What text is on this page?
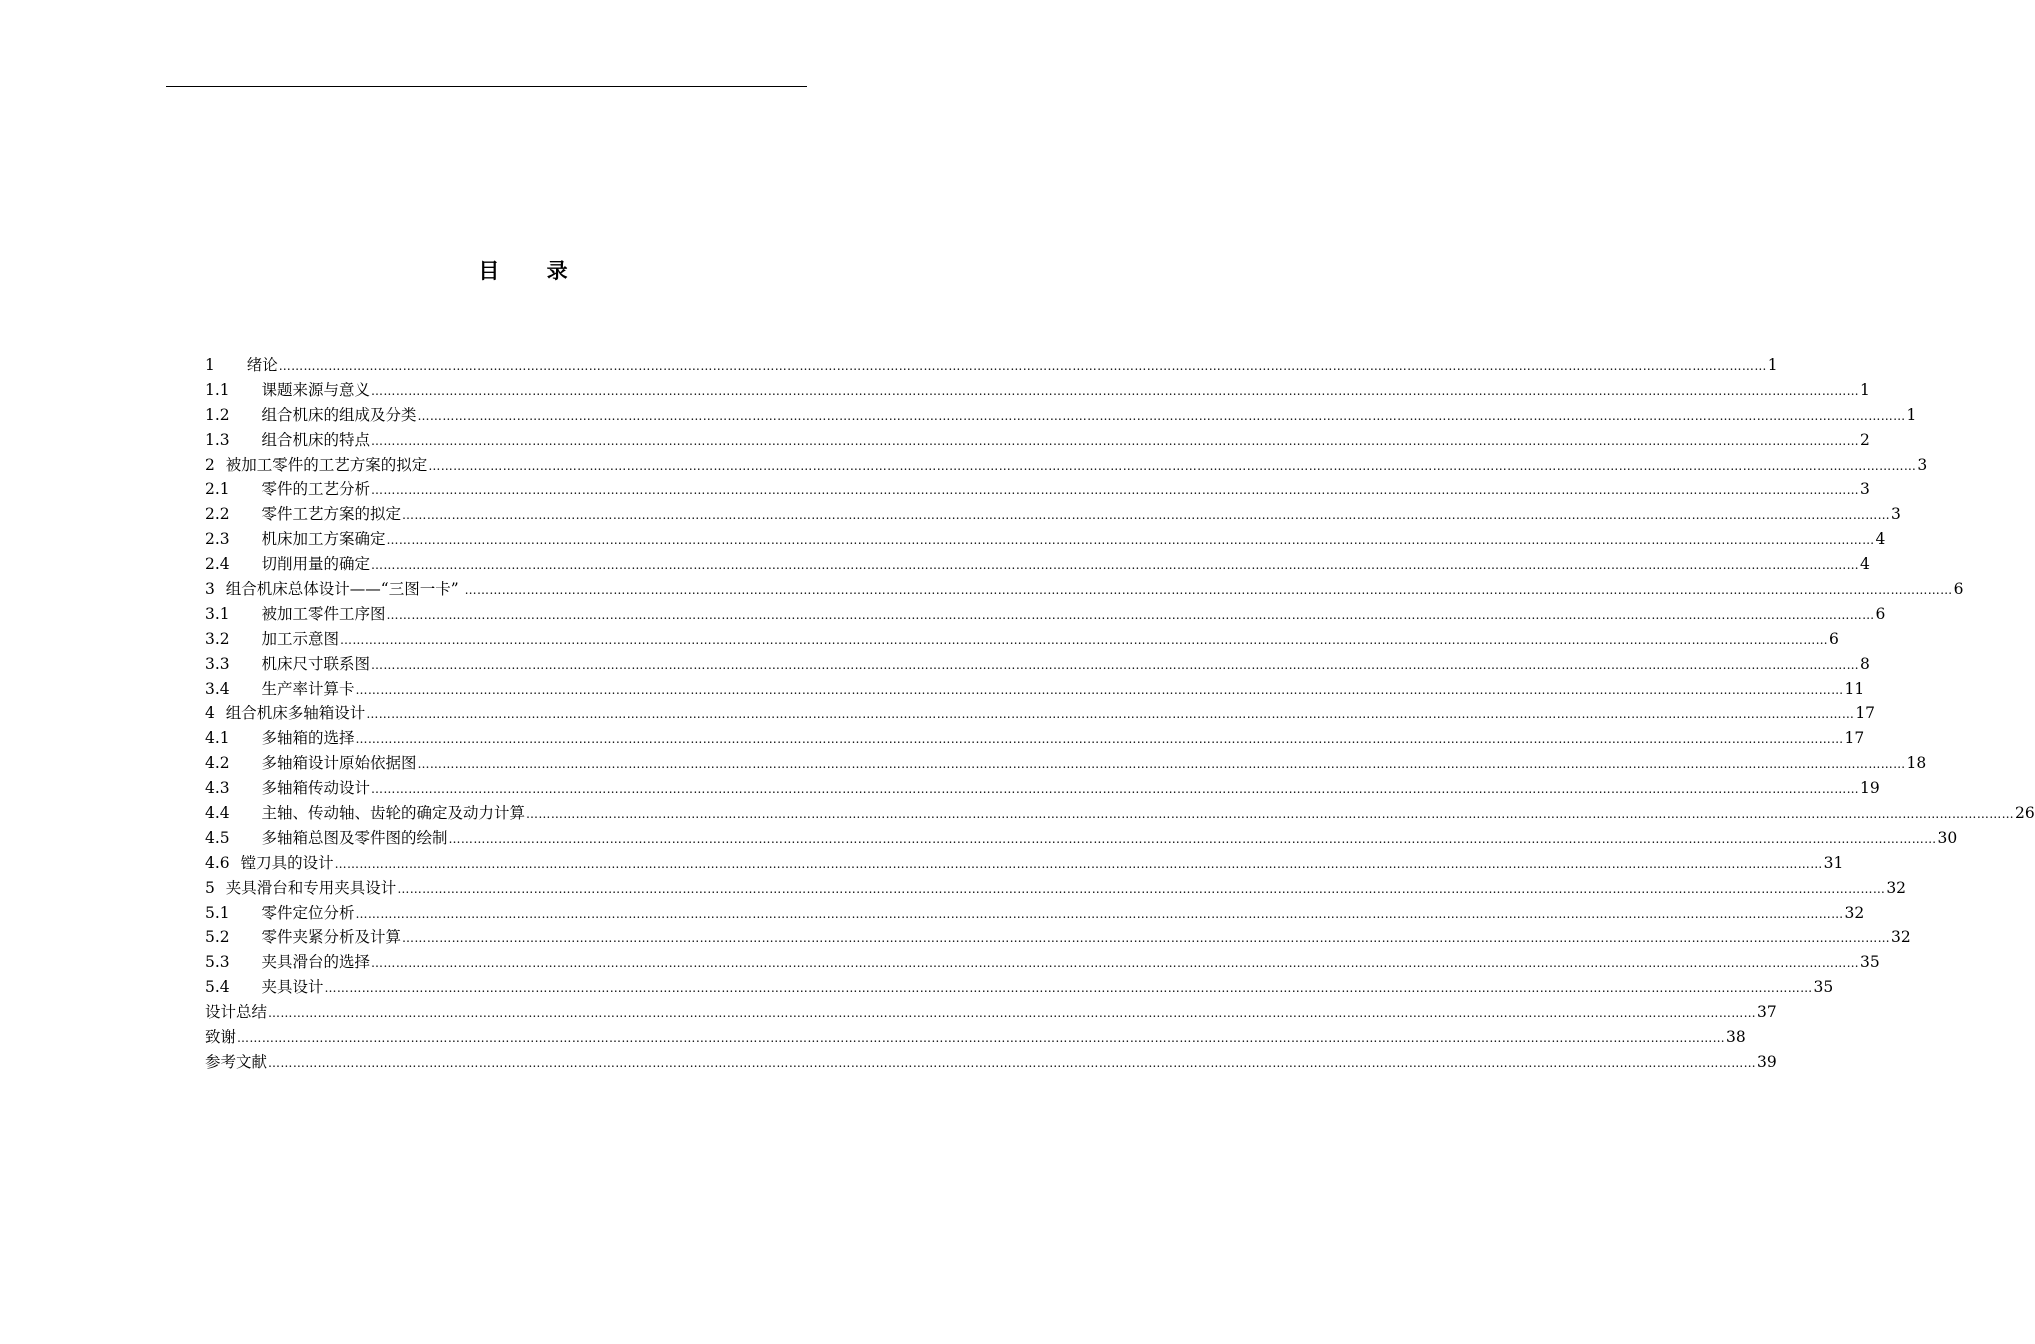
目 录
1  绪论 ……………………………………………………………………………………………………………………………………………………………………………………………………………………………………………………………………………………………………………………………… 1
1.1  课题来源与意义 ……………………………………………………………………………………………………………………………………………………………………………………………………………………………………………………………………………………………………………………………… 1
1.2  组合机床的组成及分类 ……………………………………………………………………………………………………………………………………………………………………………………………………………………………………………………………………………………………………………………………… 1
1.3  组合机床的特点 ……………………………………………………………………………………………………………………………………………………………………………………………………………………………………………………………………………………………………………………………… 2
2 被加工零件的工艺方案的拟定 ……………………………………………………………………………………………………………………………………………………………………………………………………………………………………………………………………………………………………………………………… 3
2.1  零件的工艺分析 ……………………………………………………………………………………………………………………………………………………………………………………………………………………………………………………………………………………………………………………………… 3
2.2  零件工艺方案的拟定 ……………………………………………………………………………………………………………………………………………………………………………………………………………………………………………………………………………………………………………………………… 3
2.3  机床加工方案确定 ……………………………………………………………………………………………………………………………………………………………………………………………………………………………………………………………………………………………………………………………… 4
2.4  切削用量的确定 ……………………………………………………………………………………………………………………………………………………………………………………………………………………………………………………………………………………………………………………………… 4
3 组合机床总体设计——“三图一卡” ……………………………………………………………………………………………………………………………………………………………………………………………………………………………………………………………………………………………………………………………… 6
3.1  被加工零件工序图 ……………………………………………………………………………………………………………………………………………………………………………………………………………………………………………………………………………………………………………………………… 6
3.2  加工示意图 ……………………………………………………………………………………………………………………………………………………………………………………………………………………………………………………………………………………………………………………………… 6
3.3  机床尺寸联系图 ……………………………………………………………………………………………………………………………………………………………………………………………………………………………………………………………………………………………………………………………… 8
3.4  生产率计算卡 ……………………………………………………………………………………………………………………………………………………………………………………………………………………………………………………………………………………………………………………………… 11
4 组合机床多轴箱设计 ……………………………………………………………………………………………………………………………………………………………………………………………………………………………………………………………………………………………………………………………… 17
4.1  多轴箱的选择 ……………………………………………………………………………………………………………………………………………………………………………………………………………………………………………………………………………………………………………………………… 17
4.2  多轴箱设计原始依据图 ……………………………………………………………………………………………………………………………………………………………………………………………………………………………………………………………………………………………………………………………… 18
4.3  多轴箱传动设计 ……………………………………………………………………………………………………………………………………………………………………………………………………………………………………………………………………………………………………………………………… 19
4.4  主轴、传动轴、齿轮的确定及动力计算 ……………………………………………………………………………………………………………………………………………………………………………………………………………………………………………………………………………………………………………………………… 26
4.5  多轴箱总图及零件图的绘制 ……………………………………………………………………………………………………………………………………………………………………………………………………………………………………………………………………………………………………………………………… 30
4.6 镗刀具的设计 ……………………………………………………………………………………………………………………………………………………………………………………………………………………………………………………………………………………………………………………………… 31
5 夹具滑台和专用夹具设计 ……………………………………………………………………………………………………………………………………………………………………………………………………………………………………………………………………………………………………………………………… 32
5.1  零件定位分析 ……………………………………………………………………………………………………………………………………………………………………………………………………………………………………………………………………………………………………………………………… 32
5.2  零件夹紧分析及计算 ……………………………………………………………………………………………………………………………………………………………………………………………………………………………………………………………………………………………………………………………… 32
5.3  夹具滑台的选择 ……………………………………………………………………………………………………………………………………………………………………………………………………………………………………………………………………………………………………………………………… 35
5.4  夹具设计 ……………………………………………………………………………………………………………………………………………………………………………………………………………………………………………………………………………………………………………………………… 35
设计总结 ……………………………………………………………………………………………………………………………………………………………………………………………………………………………………………………………………………………………………………………………… 37
致谢 ……………………………………………………………………………………………………………………………………………………………………………………………………………………………………………………………………………………………………………………………… 38
参考文献 ……………………………………………………………………………………………………………………………………………………………………………………………………………………………………………………………………………………………………………………………… 39
